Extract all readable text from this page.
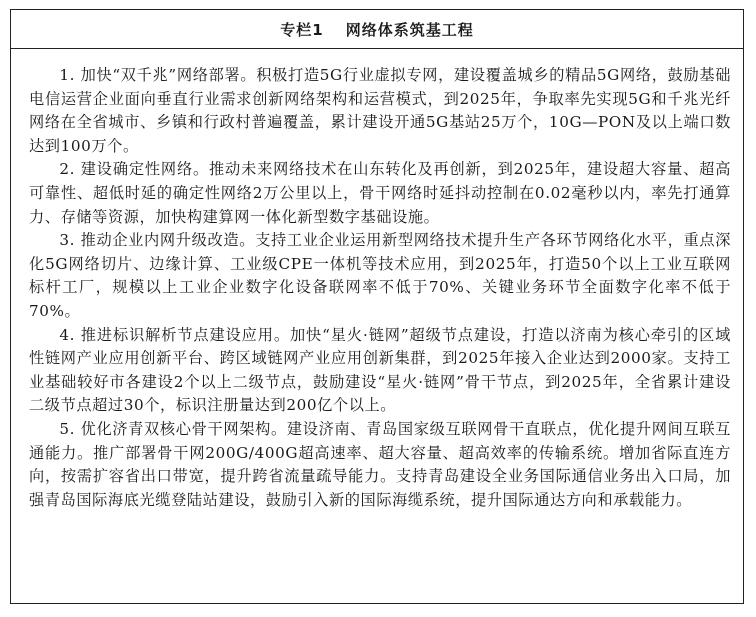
专栏1 网络体系筑基工程

1. 加快“双千兆”网络部署。积极打造5G行业虚拟专网，建设覆盖城乡的精品5G网络，鼓励基础电信运营企业面向垂直行业需求创新网络架构和运营模式，到2025年，争取率先实现5G和千兆光纤网络在全省城市、乡镇和行政村普遍覆盖，累计建设开通5G基站25万个，10G—PON及以上端口数达到100万个。

2. 建设确定性网络。推动未来网络技术在山东转化及再创新，到2025年，建设超大容量、超高可靠性、超低时延的确定性网络2万公里以上，骨干网络时延抖动控制在0.02毫秒以内，率先打通算力、存储等资源，加快构建算网一体化新型数字基础设施。

3. 推动企业内网升级改造。支持工业企业运用新型网络技术提升生产各环节网络化水平，重点深化5G网络切片、边缘计算、工业级CPE一体机等技术应用，到2025年，打造50个以上工业互联网标杆工厂，规模以上工业企业数字化设备联网率不低于70%、关键业务环节全面数字化率不低于70%。

4. 推进标识解析节点建设应用。加快“星火·链网”超级节点建设，打造以济南为核心牵引的区域性链网产业应用创新平台、跨区域链网产业应用创新集群，到2025年接入企业达到2000家。支持工业基础较好市各建设2个以上二级节点，鼓励建设“星火·链网”骨干节点，到2025年，全省累计建设二级节点超过30个，标识注册量达到200亿个以上。

5. 优化济青双核心骨干网架构。建设济南、青岛国家级互联网骨干直联点，优化提升网间互联互通能力。推广部署骨干网200G/400G超高速率、超大容量、超高效率的传输系统。增加省际直连方向，按需扩容省出口带宽，提升跨省流量疏导能力。支持青岛建设全业务国际通信业务出入口局，加强青岛国际海底光缆登陆站建设，鼓励引入新的国际海缆系统，提升国际通达方向和承载能力。
